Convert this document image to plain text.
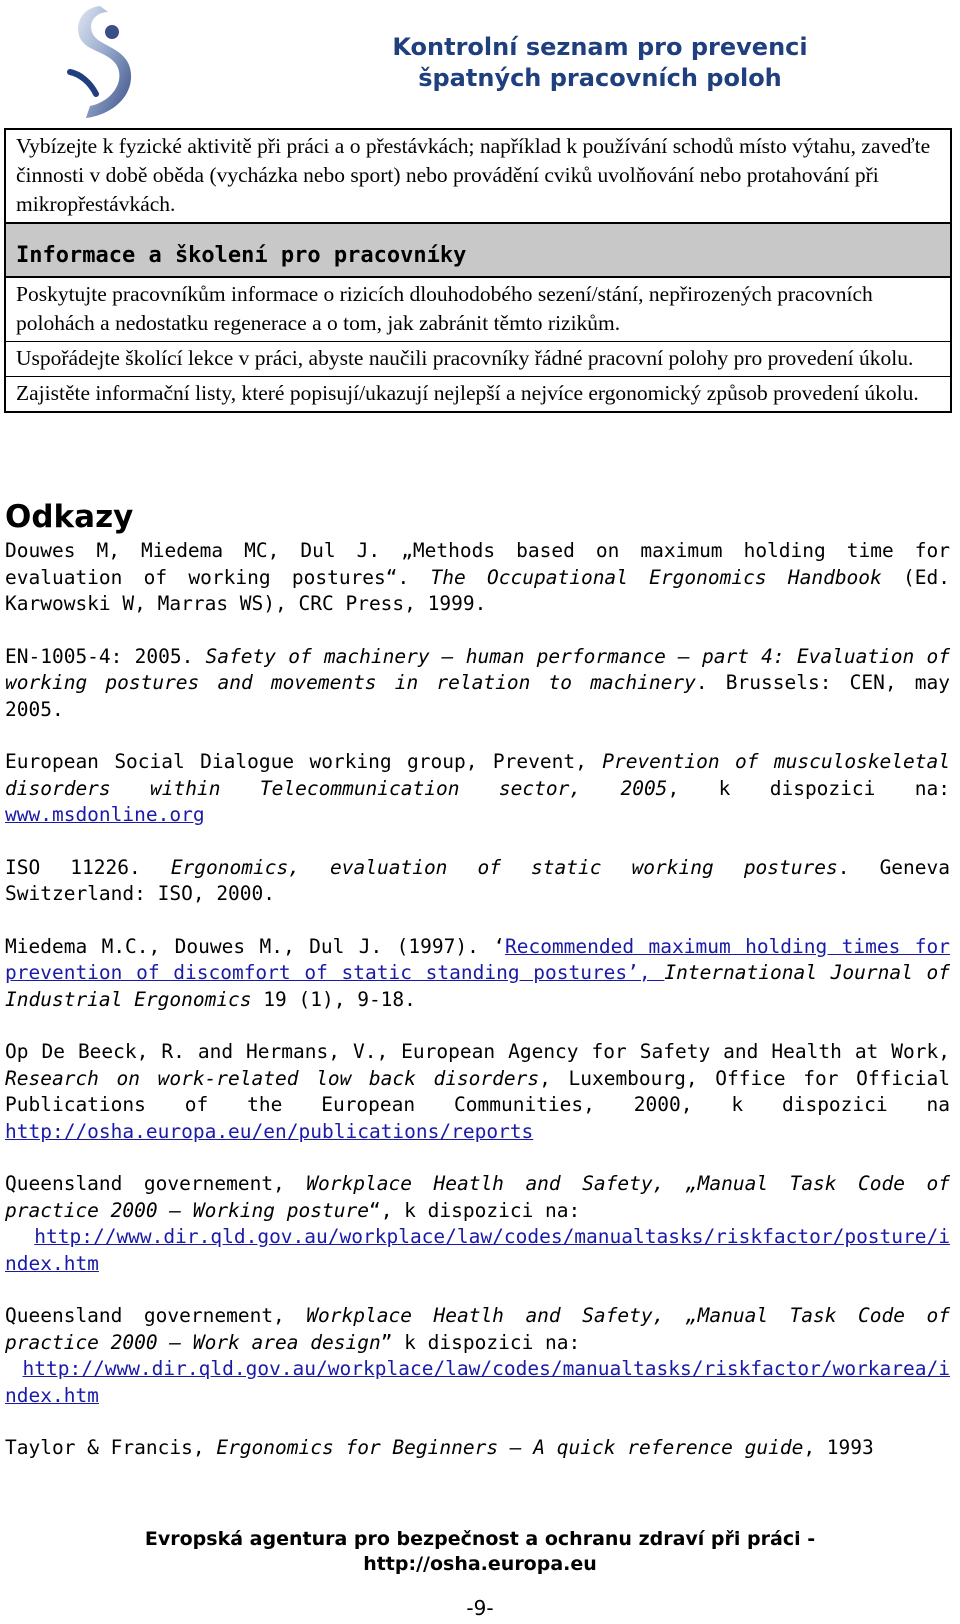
Kontrolní seznam pro prevenci
špatných pracovních poloh
Vybízejte k fyzické aktivitě při práci a o přestávkách; například k používání schodů místo výtahu, zaveďte činnosti v době oběda (vycházka nebo sport) nebo provádění cviků uvolňování nebo protahování při mikropřestávkách.
Informace a školení pro pracovníky
Poskytujte pracovníkům informace o rizicích dlouhodobého sezení/stání, nepřirozených pracovních polohách a nedostatku regenerace a o tom, jak zabránit těmto rizikům.
Uspořádejte školící lekce v práci, abyste naučili pracovníky řádné pracovní polohy pro provedení úkolu.
Zajistěte informační listy, které popisují/ukazují nejlepší a nejvíce ergonomický způsob provedení úkolu.
Odkazy

Douwes M, Miedema MC, Dul J. „Methods based on maximum holding time for evaluation of working postures“. The Occupational Ergonomics Handbook (Ed. Karwowski W, Marras WS), CRC Press, 1999.

EN-1005-4: 2005. Safety of machinery – human performance – part 4: Evaluation of working postures and movements in relation to machinery. Brussels: CEN, may 2005.

European Social Dialogue working group, Prevent, Prevention of musculoskeletal disorders within Telecommunication sector, 2005, k dispozici na: www.msdonline.org

ISO 11226. Ergonomics, evaluation of static working postures. Geneva Switzerland: ISO, 2000.

Miedema M.C., Douwes M., Dul J. (1997). ‘Recommended maximum holding times for prevention of discomfort of static standing postures’, International Journal of Industrial Ergonomics 19 (1), 9-18.

Op De Beeck, R. and Hermans, V., European Agency for Safety and Health at Work, Research on work-related low back disorders, Luxembourg, Office for Official Publications of the European Communities, 2000, k dispozici na http://osha.europa.eu/en/publications/reports

Queensland governement, Workplace Heatlh and Safety, „Manual Task Code of practice 2000 – Working posture“, k dispozici na:
http://www.dir.qld.gov.au/workplace/law/codes/manualtasks/riskfactor/posture/index.htm

Queensland governement, Workplace Heatlh and Safety, „Manual Task Code of practice 2000 – Work area design” k dispozici na:
http://www.dir.qld.gov.au/workplace/law/codes/manualtasks/riskfactor/workarea/index.htm

Taylor & Francis, Ergonomics for Beginners – A quick reference guide, 1993

Evropská agentura pro bezpečnost a ochranu zdraví při práci -
http://osha.europa.eu
-9-
